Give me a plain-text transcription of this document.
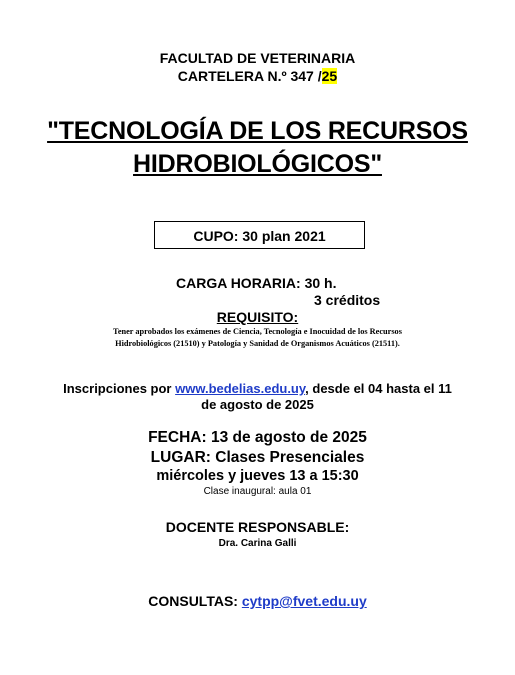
FACULTAD DE VETERINARIA
CARTELERA N.º 347 /25
"TECNOLOGÍA DE LOS RECURSOS
HIDROBIOLÓGICOS"
CUPO: 30 plan 2021
CARGA HORARIA: 30 h.
3 créditos
REQUISITO:
Tener aprobados los exámenes de Ciencia, Tecnología e Inocuidad de los Recursos
Hidrobiológicos (21510) y Patología y Sanidad de Organismos Acuáticos (21511).
Inscripciones por www.bedelias.edu.uy, desde el 04 hasta el 11
de agosto de 2025
FECHA: 13 de agosto de 2025
LUGAR: Clases Presenciales
miércoles y jueves 13 a 15:30
Clase inaugural: aula 01
DOCENTE RESPONSABLE:
Dra. Carina Galli
CONSULTAS: cytpp@fvet.edu.uy
